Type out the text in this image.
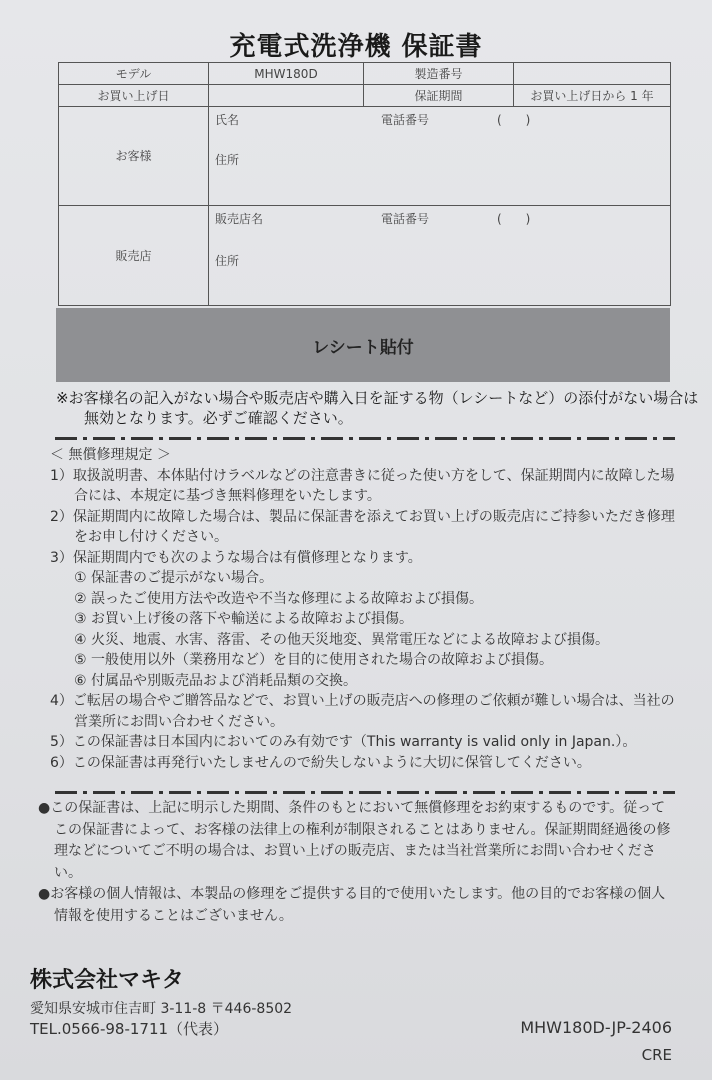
充電式洗浄機 保証書
モデル	MHW180D	製造番号	
お買い上げ日		保証期間	お買い上げ日から 1 年
お客様	氏名 電話番号 (　　)
住所		

販売店	販売店名 電話番号 (　　)
住所		
レシート貼付
※お客様名の記入がない場合や販売店や購入日を証する物（レシートなど）の添付がない場合は無効となります。必ずご確認ください。
＜ 無償修理規定 ＞
1）取扱説明書、本体貼付けラベルなどの注意書きに従った使い方をして、保証期間内に故障した場合には、本規定に基づき無料修理をいたします。
2）保証期間内に故障した場合は、製品に保証書を添えてお買い上げの販売店にご持参いただき修理をお申し付けください。
3）保証期間内でも次のような場合は有償修理となります。
① 保証書のご提示がない場合。
② 誤ったご使用方法や改造や不当な修理による故障および損傷。
③ お買い上げ後の落下や輸送による故障および損傷。
④ 火災、地震、水害、落雷、その他天災地変、異常電圧などによる故障および損傷。
⑤ 一般使用以外（業務用など）を目的に使用された場合の故障および損傷。
⑥ 付属品や別販売品および消耗品類の交換。
4）ご転居の場合やご贈答品などで、お買い上げの販売店への修理のご依頼が難しい場合は、当社の営業所にお問い合わせください。
5）この保証書は日本国内においてのみ有効です（This warranty is valid only in Japan.）。
6）この保証書は再発行いたしませんので紛失しないように大切に保管してください。
●この保証書は、上記に明示した期間、条件のもとにおいて無償修理をお約束するものです。従ってこの保証書によって、お客様の法律上の権利が制限されることはありません。保証期間経過後の修理などについてご不明の場合は、お買い上げの販売店、または当社営業所にお問い合わせください。
●お客様の個人情報は、本製品の修理をご提供する目的で使用いたします。他の目的でお客様の個人情報を使用することはございません。
株式会社マキタ
愛知県安城市住吉町 3-11-8 〒446-8502
TEL.0566-98-1711（代表）	MHW180D-JP-2406
CRE
